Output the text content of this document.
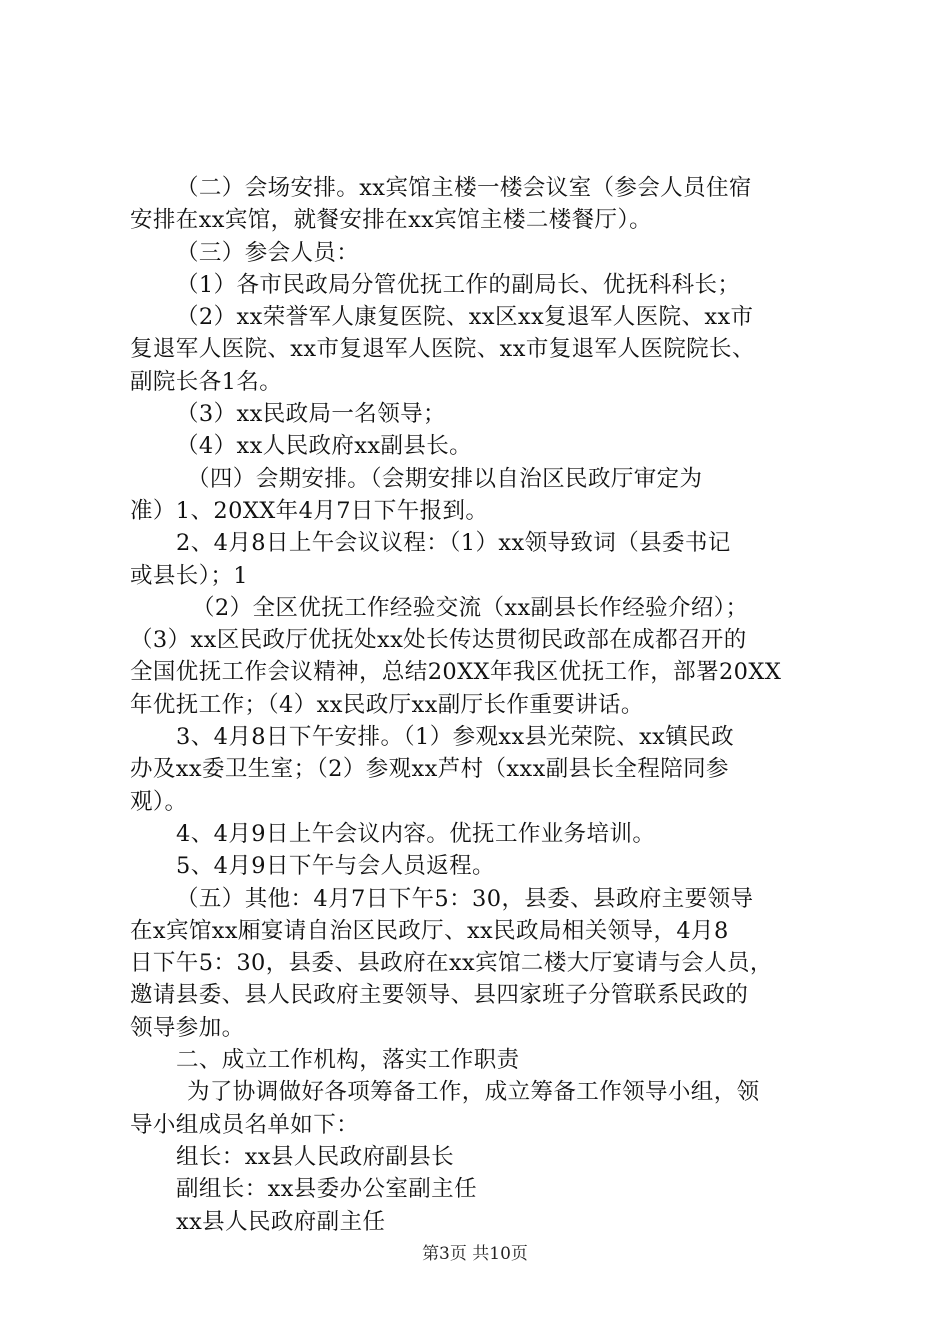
（二）会场安排。xx宾馆主楼一楼会议室（参会人员住宿
安排在xx宾馆，就餐安排在xx宾馆主楼二楼餐厅）。
（三）参会人员：
（1）各市民政局分管优抚工作的副局长、优抚科科长；
（2）xx荣誉军人康复医院、xx区xx复退军人医院、xx市
复退军人医院、xx市复退军人医院、xx市复退军人医院院长、
副院长各1名。
（3）xx民政局一名领导；
（4）xx人民政府xx副县长。
（四）会期安排。（会期安排以自治区民政厅审定为
准）1、20XX年4月7日下午报到。
2、4月8日上午会议议程：（1）xx领导致词（县委书记
或县长）；1
（2）全区优抚工作经验交流（xx副县长作经验介绍）；
（3）xx区民政厅优抚处xx处长传达贯彻民政部在成都召开的
全国优抚工作会议精神，总结20XX年我区优抚工作，部署20XX
年优抚工作；（4）xx民政厅xx副厅长作重要讲话。
3、4月8日下午安排。（1）参观xx县光荣院、xx镇民政
办及xx委卫生室；（2）参观xx芦村（xxx副县长全程陪同参
观）。
4、4月9日上午会议内容。优抚工作业务培训。
5、4月9日下午与会人员返程。
（五）其他：4月7日下午5：30，县委、县政府主要领导
在x宾馆xx厢宴请自治区民政厅、xx民政局相关领导，4月8
日下午5：30，县委、县政府在xx宾馆二楼大厅宴请与会人员，
邀请县委、县人民政府主要领导、县四家班子分管联系民政的
领导参加。
二、成立工作机构，落实工作职责
为了协调做好各项筹备工作，成立筹备工作领导小组，领
导小组成员名单如下：
组长：xx县人民政府副县长
副组长：xx县委办公室副主任
xx县人民政府副主任
第3页 共10页
